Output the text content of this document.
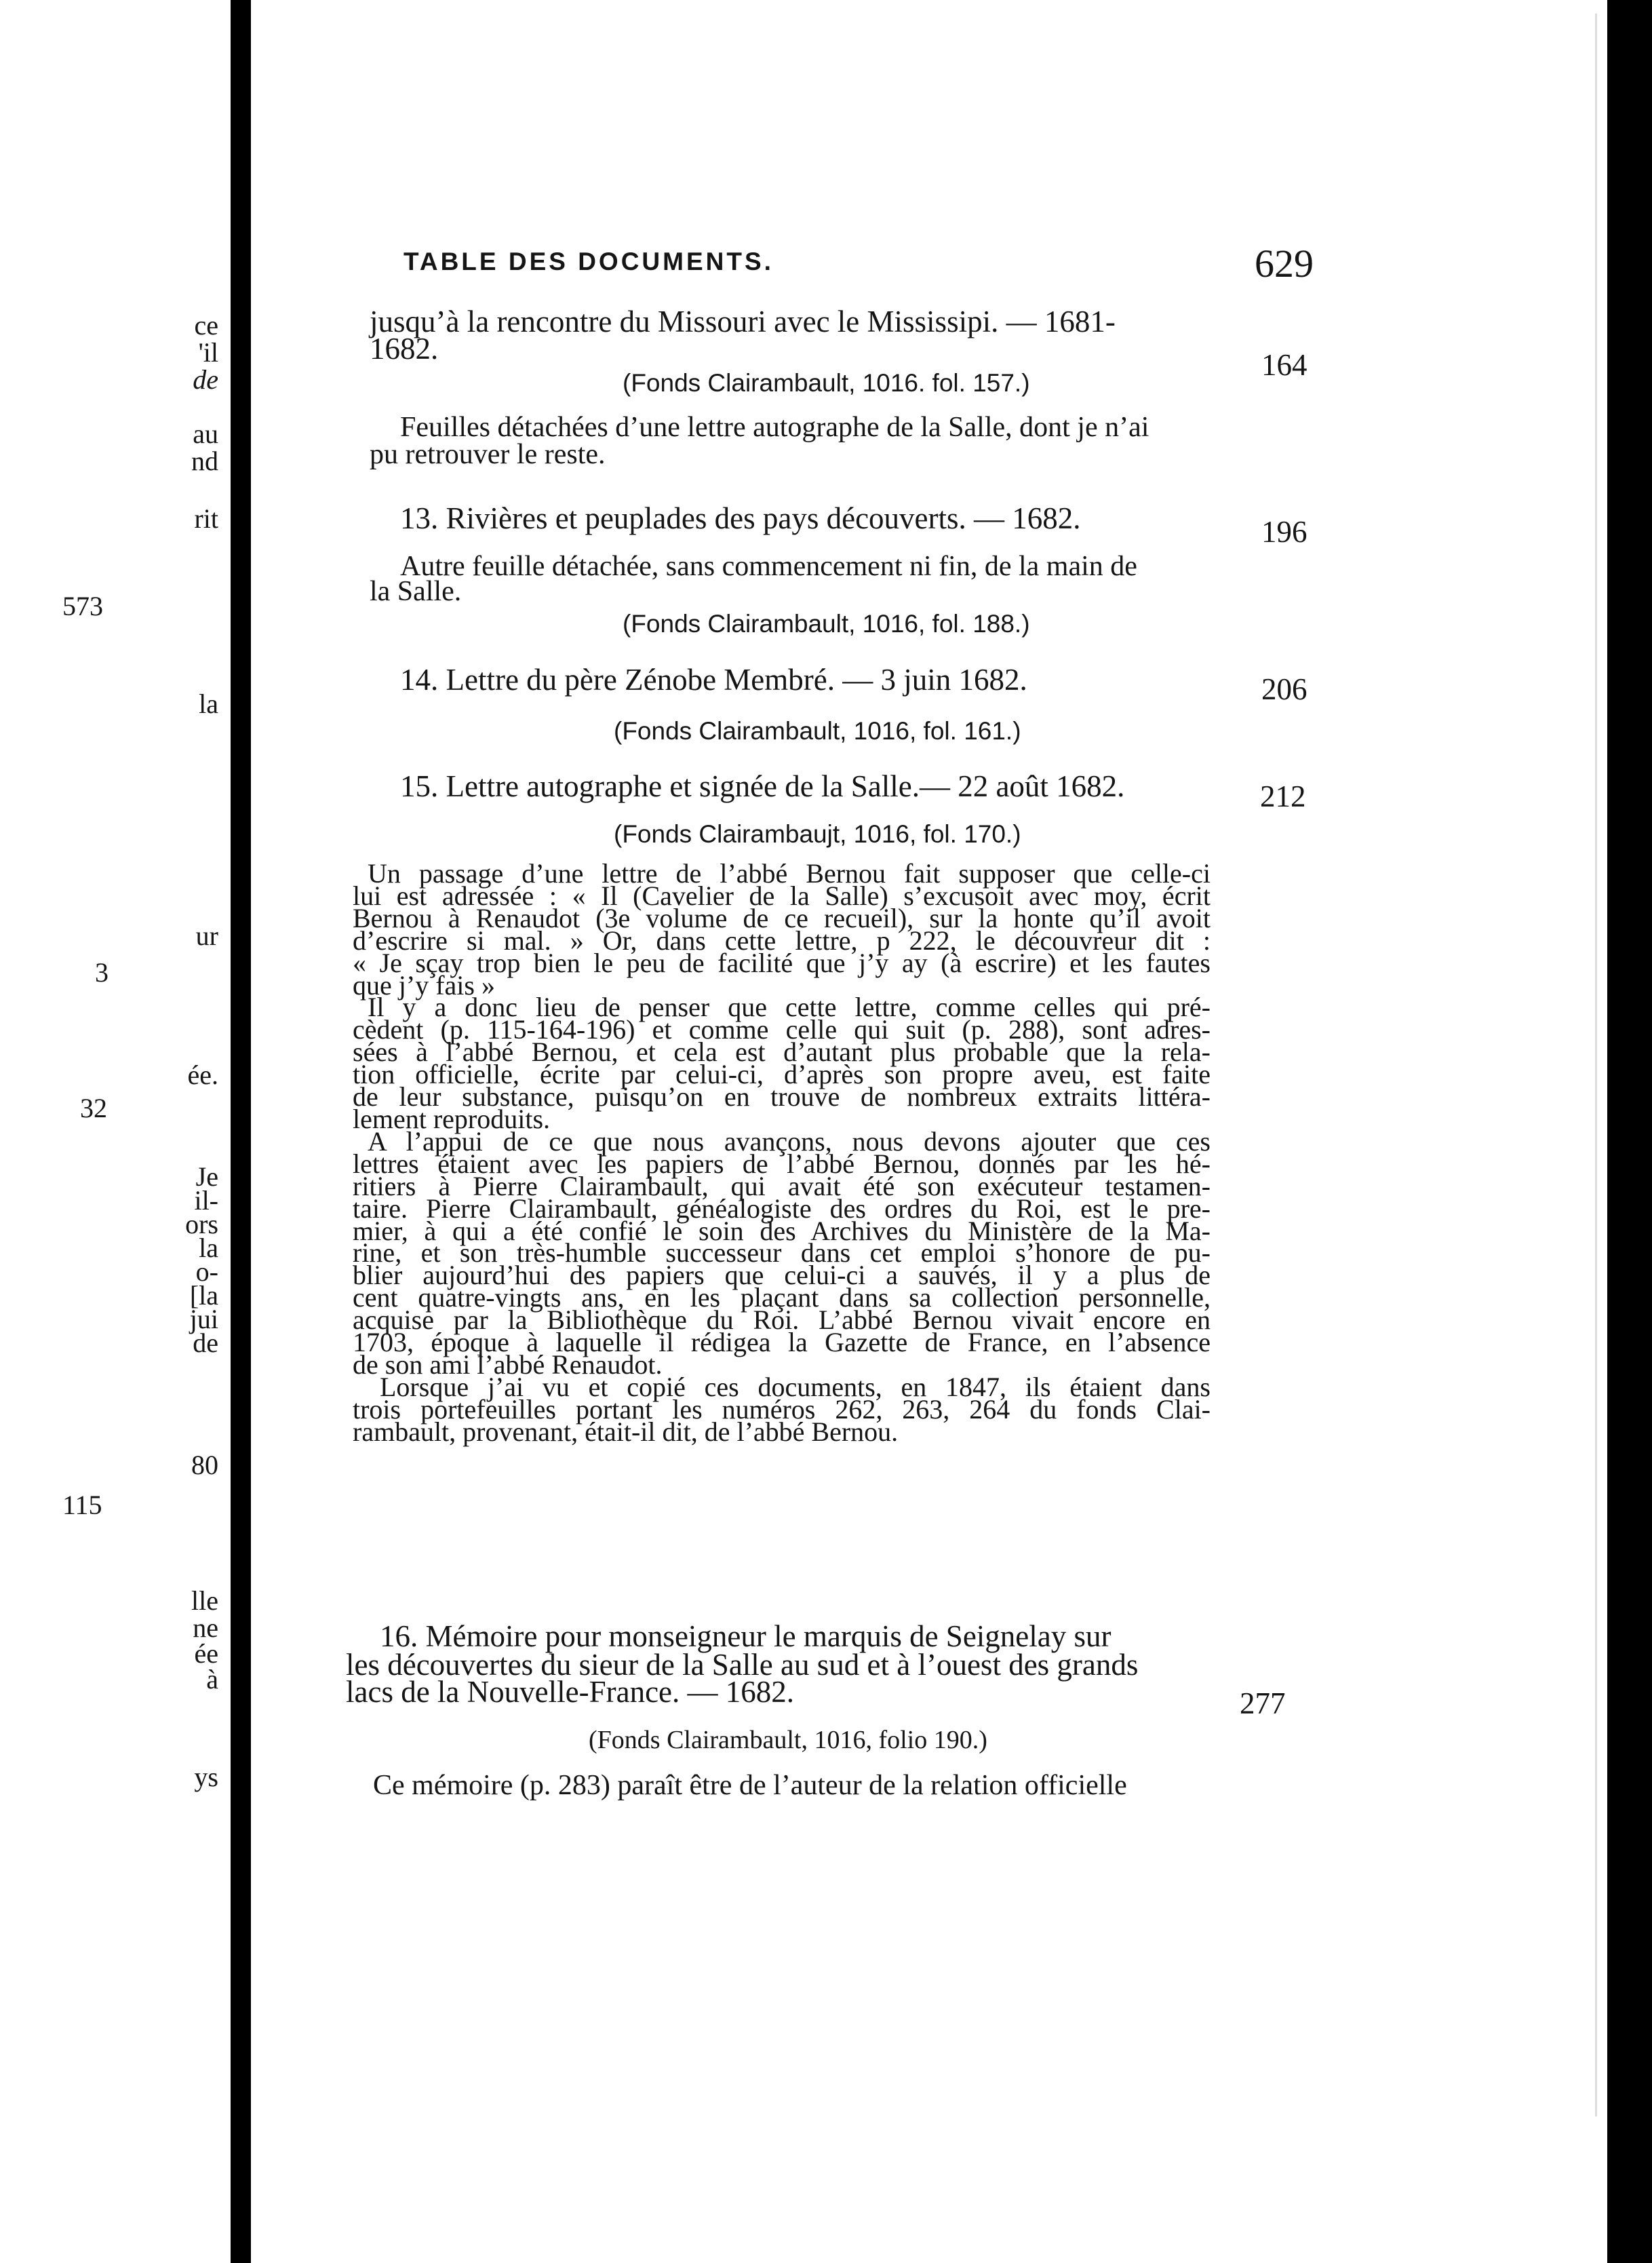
ce
'il
de
au
nd
rit
la
ur
ée.
Je
il-
ors
la
o-
[la
jui
de
80
lle
ne
ée
à
ys
573
3
32
115
TABLE DES DOCUMENTS.	629
jusqu’à la rencontre du Missouri avec le Mississipi. — 1681-
1682.	164
(Fonds Clairambault, 1016. fol. 157.)
Feuilles détachées d’une lettre autographe de la Salle, dont je n’ai
pu retrouver le reste.
13. Rivières et peuplades des pays découverts. — 1682.	196
Autre feuille détachée, sans commencement ni fin, de la main de
la Salle.
(Fonds Clairambault, 1016, fol. 188.)
14. Lettre du père Zénobe Membré. — 3 juin 1682.	206
(Fonds Clairambault, 1016, fol. 161.)
15. Lettre autographe et signée de la Salle.— 22 août 1682.	212
(Fonds Clairambaujt, 1016, fol. 170.)
Un passage d’une lettre de l’abbé Bernou fait supposer que celle-ci
lui est adressée : « Il (Cavelier de la Salle) s’excusoit avec moy, écrit
Bernou à Renaudot (3e volume de ce recueil), sur la honte qu’il avoit
d’escrire si mal. » Or, dans cette lettre, p 222, le découvreur dit :
« Je sçay trop bien le peu de facilité que j’y ay (à escrire) et les fautes
que j’y fais »
Il y a donc lieu de penser que cette lettre, comme celles qui pré-
cèdent (p. 115-164-196) et comme celle qui suit (p. 288), sont adres-
sées à l’abbé Bernou, et cela est d’autant plus probable que la rela-
tion officielle, écrite par celui-ci, d’après son propre aveu, est faite
de leur substance, puisqu’on en trouve de nombreux extraits littéra-
lement reproduits.
A l’appui de ce que nous avançons, nous devons ajouter que ces
lettres étaient avec les papiers de l’abbé Bernou, donnés par les hé-
ritiers à Pierre Clairambault, qui avait été son exécuteur testamen-
taire. Pierre Clairambault, généalogiste des ordres du Roi, est le pre-
mier, à qui a été confié le soin des Archives du Ministère de la Ma-
rine, et son très-humble successeur dans cet emploi s’honore de pu-
blier aujourd’hui des papiers que celui-ci a sauvés, il y a plus de
cent quatre-vingts ans, en les plaçant dans sa collection personnelle,
acquise par la Bibliothèque du Roi. L’abbé Bernou vivait encore en
1703, époque à laquelle il rédigea la Gazette de France, en l’absence
de son ami l’abbé Renaudot.
Lorsque j’ai vu et copié ces documents, en 1847, ils étaient dans
trois portefeuilles portant les numéros 262, 263, 264 du fonds Clai-
rambault, provenant, était-il dit, de l’abbé Bernou.
16. Mémoire pour monseigneur le marquis de Seignelay sur
les découvertes du sieur de la Salle au sud et à l’ouest des grands
lacs de la Nouvelle-France. — 1682.	277
(Fonds Clairambault, 1016, folio 190.)
Ce mémoire (p. 283) paraît être de l’auteur de la relation officielle
